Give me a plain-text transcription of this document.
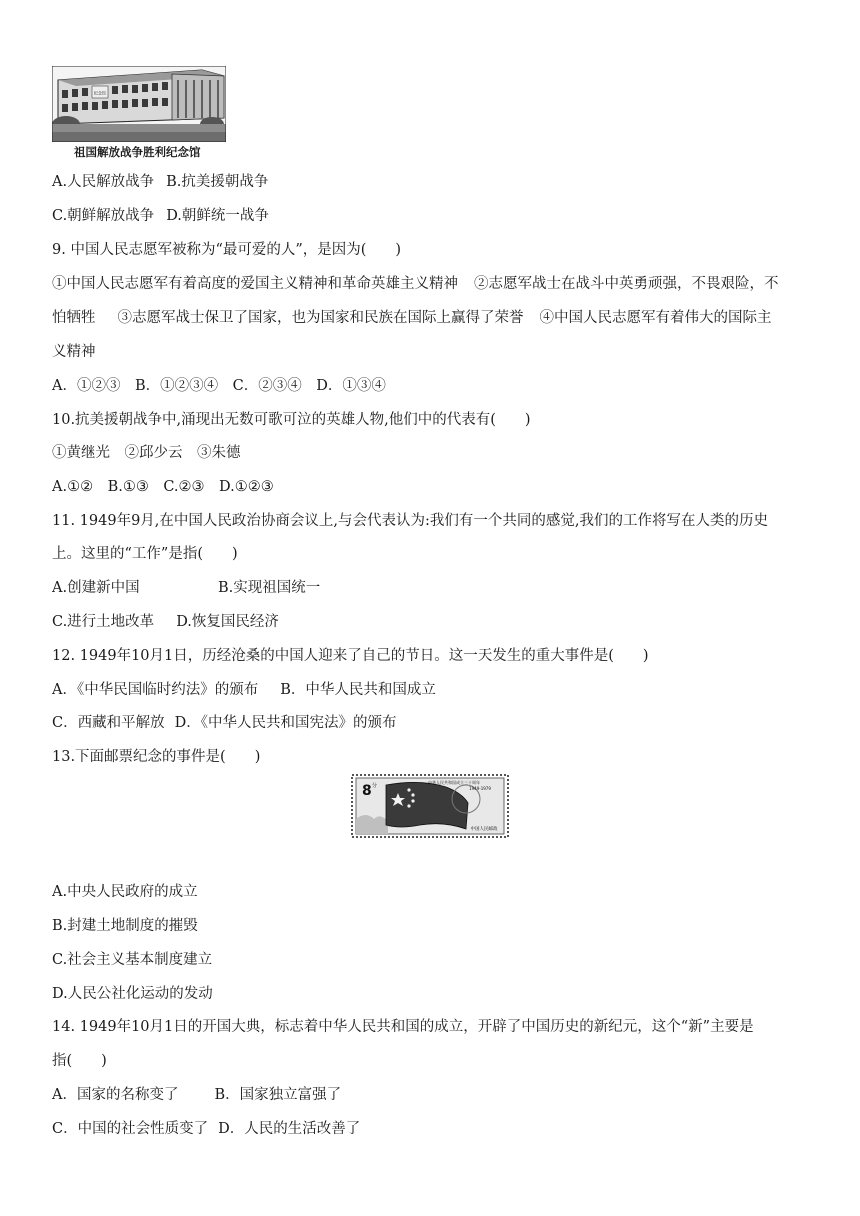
纪念馆
祖国解放战争胜利纪念馆
A.人民解放战争 B.抗美援朝战争
C.朝鲜解放战争 D.朝鲜统一战争
9. 中国人民志愿军被称为“最可爱的人”，是因为(　　)
①中国人民志愿军有着高度的爱国主义精神和革命英雄主义精神 ②志愿军战士在战斗中英勇顽强，不畏艰险，不
怕牺牲 ③志愿军战士保卫了国家，也为国家和民族在国际上赢得了荣誉 ④中国人民志愿军有着伟大的国际主
义精神
A．①②③　B．①②③④　C．②③④　D．①③④
10.抗美援朝战争中,涌现出无数可歌可泣的英雄人物,他们中的代表有(　　)
①黄继光　②邱少云　③朱德
A.①②　B.①③　C.②③　D.①②③
11. 1949年9月,在中国人民政治协商会议上,与会代表认为:我们有一个共同的感觉,我们的工作将写在人类的历史
上。这里的“工作”是指(　　)
A.创建新中国	B.实现祖国统一
C.进行土地改革 D.恢复国民经济
12. 1949年10月1日，历经沧桑的中国人迎来了自己的节日。这一天发生的重大事件是(　　)
A．《中华民国临时约法》的颁布 B．中华人民共和国成立
C．西藏和平解放 D．《中华人民共和国宪法》的颁布
13.下面邮票纪念的事件是(　　)
8 分
中华人民共和国成立三十周年
1949-1979
中国人民邮政
A.中央人民政府的成立
B.封建土地制度的摧毁
C.社会主义基本制度建立
D.人民公社化运动的发动
14. 1949年10月1日的开国大典，标志着中华人民共和国的成立，开辟了中国历史的新纪元，这个“新”主要是
指(　　)
A．国家的名称变了 B．国家独立富强了
C．中国的社会性质变了 D．人民的生活改善了
